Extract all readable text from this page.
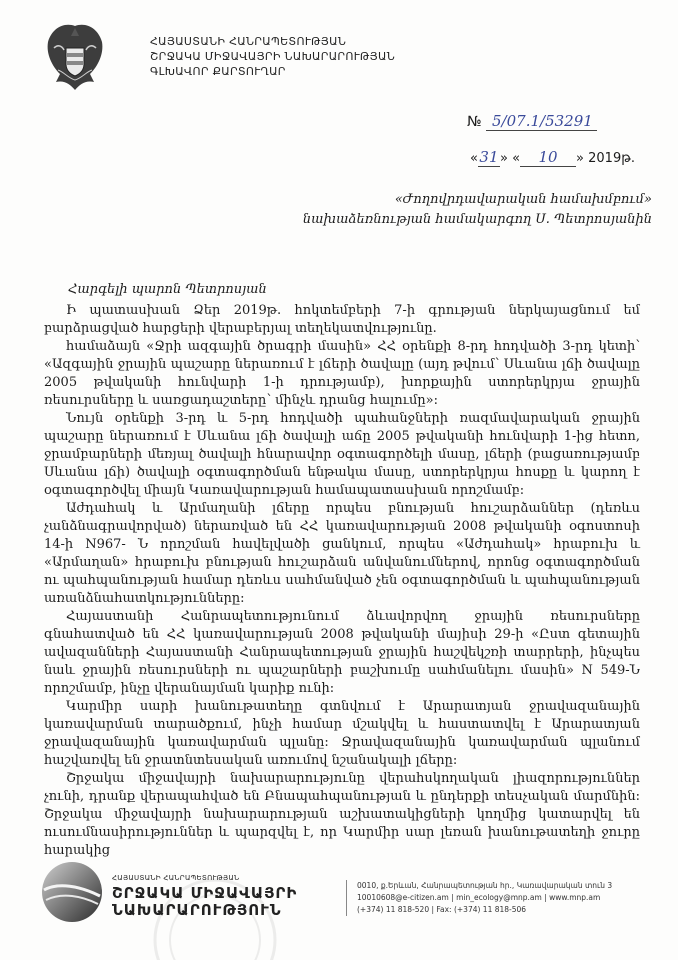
ՀԱՅԱՍՏԱՆԻ ՀԱՆՐԱՊԵՏՈՒԹՅԱՆ
ՇՐՋԱԿԱ ՄԻՋԱՎԱՅՐԻ ՆԱԽԱՐԱՐՈՒԹՅԱՆ
ԳԼԽԱՎՈՐ ՔԱՐՏՈՒՂԱՐ
№ 5/07.1/53291
«31» « 10 » 2019թ.
«Ժողովրդավարական համախմբում»
նախաձեռնության համակարգող Ս. Պետրոսյանին
Հարգելի պարոն Պետրոսյան

Ի պատասխան Ձեր 2019թ. հոկտեմբերի 7-ի գրության ներկայացնում եմ բարձրացված հարցերի վերաբերյալ տեղեկատվությունը.

համաձայն «Ջրի ազգային ծրագրի մասին» ՀՀ օրենքի 8-րդ հոդվածի 3-րդ կետի՝ «Ազգային ջրային պաշարը ներառում է լճերի ծավալը (այդ թվում՝ Սևանա լճի ծավալը 2005 թվականի հունվարի 1-ի դրությամբ), խորքային ստորերկրյա ջրային ռեսուրսները և սառցադաշտերը՝ մինչև դրանց հալումը»:

Նույն օրենքի 3-րդ և 5-րդ հոդվածի պահանջների ռազմավարական ջրային պաշարը ներառում է Սևանա լճի ծավալի աճը 2005 թվականի հունվարի 1-ից հետո, ջրամբարների մեռյալ ծավալի հնարավոր օգտագործելի մասը, լճերի (բացառությամբ Սևանա լճի) ծավալի օգտագործման ենթակա մասը, ստորերկրյա հոսքը և կարող է օգտագործվել միայն Կառավարության համապատասխան որոշմամբ:

Աժդահակ և Արմաղանի լճերը որպես բնության հուշարձաններ (դեռևս չանձնագրավորված) ներառված են ՀՀ կառավարության 2008 թվականի օգոստոսի 14-ի N967- Ն որոշման հավելվածի ցանկում, որպես «Աժդահակ» հրաբուխ և «Արմաղան» հրաբուխ բնության հուշարձան անվանումներով, որոնց օգտագործման ու պահպանության համար դեռևս սահմանված չեն օգտագործման և պահպանության առանձնահատկությունները:

Հայաստանի Հանրապետությունում ձևավորվող ջրային ռեսուրսները գնահատված են ՀՀ կառավարության 2008 թվականի մայիսի 29-ի «Ըստ գետային ավազանների Հայաստանի Հանրապետության ջրային հաշվեկշռի տարրերի, ինչպես նաև ջրային ռեսուրսների ու պաշարների բաշխումը սահմանելու մասին» N 549-Ն որոշմամբ, ինչը վերանայման կարիք ունի:

Կարմիր սարի խանութատեղը գտնվում է Արարատյան ջրավազանային կառավարման տարածքում, ինչի համար մշակվել և հաստատվել է Արարատյան ջրավազանային կառավարման պլանը: Ջրավազանային կառավարման պլանում հաշվառվել են ջրատնտեսական առումով նշանակալի լճերը:

Շրջակա միջավայրի նախարարությունը վերահսկողական լիազորություններ չունի, դրանք վերապահված են Բնապահպանության և ընդերքի տեսչական մարմնին: Շրջակա միջավայրի նախարարության աշխատակիցների կողմից կատարվել են ուսումնասիրություններ և պարզվել է, որ Կարմիր սար լեռան խանութատեղի ջուրը հարակից

ՀԱՅԱՍՏԱՆԻ ՀԱՆՐԱՊԵՏՈՒԹՅԱՆ
ՇՐՋԱԿԱ ՄԻՋԱՎԱՅՐԻ
ՆԱԽԱՐԱՐՈՒԹՅՈՒՆ
0010, ք.Երևան, Հանրապետության հր., Կառավարական տուն 3
10010608@e-citizen.am | min_ecology@mnp.am | www.mnp.am
(+374) 11 818-520 | Fax: (+374) 11 818-506
